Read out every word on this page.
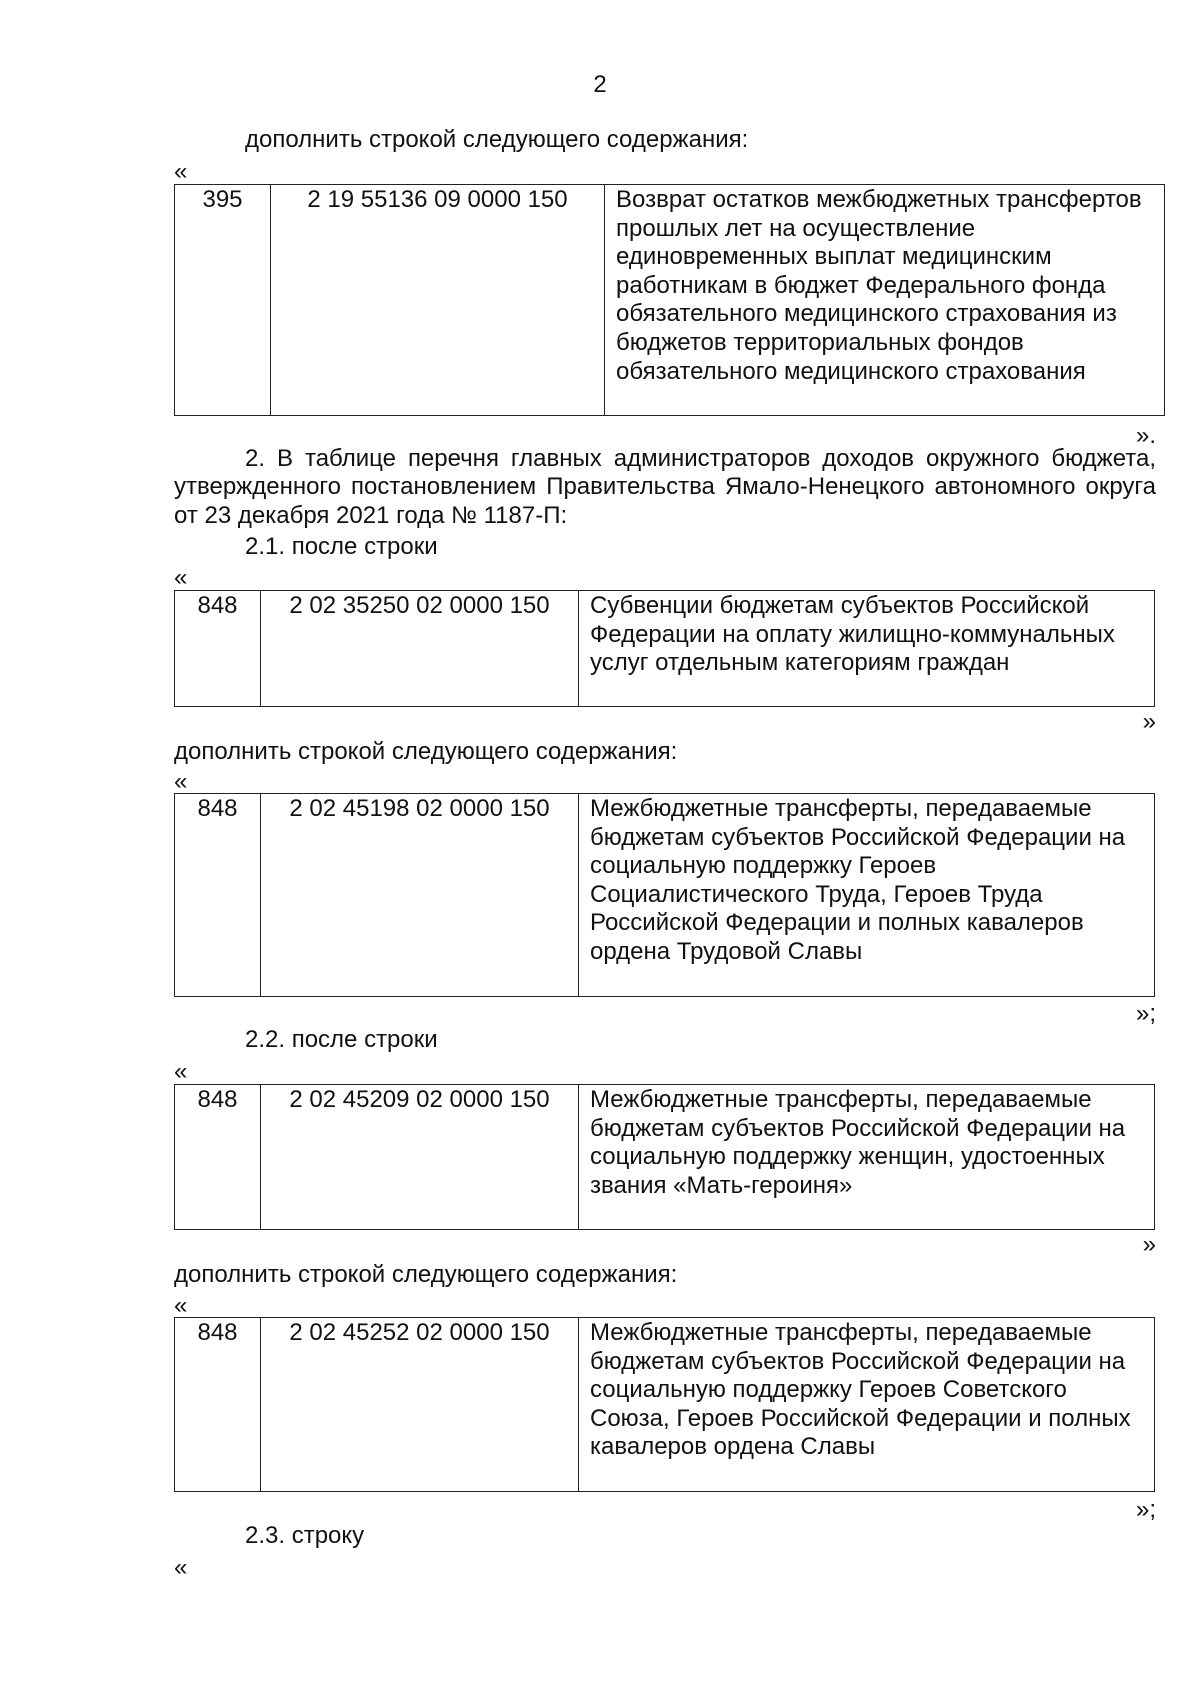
2
дополнить строкой следующего содержания:
«
395	2 19 55136 09 0000 150	Возврат остатков межбюджетных трансфертов прошлых лет на осуществление единовременных выплат медицинским работникам в бюджет Федерального фонда обязательного медицинского страхования из бюджетов территориальных фондов обязательного медицинского страхования
».
2. В таблице перечня главных администраторов доходов окружного бюджета, утвержденного постановлением Правительства Ямало-Ненецкого автономного округа от 23 декабря 2021 года № 1187-П:
2.1. после строки
«
848	2 02 35250 02 0000 150	Субвенции бюджетам субъектов Российской Федерации на оплату жилищно-коммунальных услуг отдельным категориям граждан
»
дополнить строкой следующего содержания:
«
848	2 02 45198 02 0000 150	Межбюджетные трансферты, передаваемые бюджетам субъектов Российской Федерации на социальную поддержку Героев Социалистического Труда, Героев Труда Российской Федерации и полных кавалеров ордена Трудовой Славы
»;
2.2. после строки
«
848	2 02 45209 02 0000 150	Межбюджетные трансферты, передаваемые бюджетам субъектов Российской Федерации на социальную поддержку женщин, удостоенных звания «Мать-героиня»
»
дополнить строкой следующего содержания:
«
848	2 02 45252 02 0000 150	Межбюджетные трансферты, передаваемые бюджетам субъектов Российской Федерации на социальную поддержку Героев Советского Союза, Героев Российской Федерации и полных кавалеров ордена Славы
»;
2.3. строку
«
